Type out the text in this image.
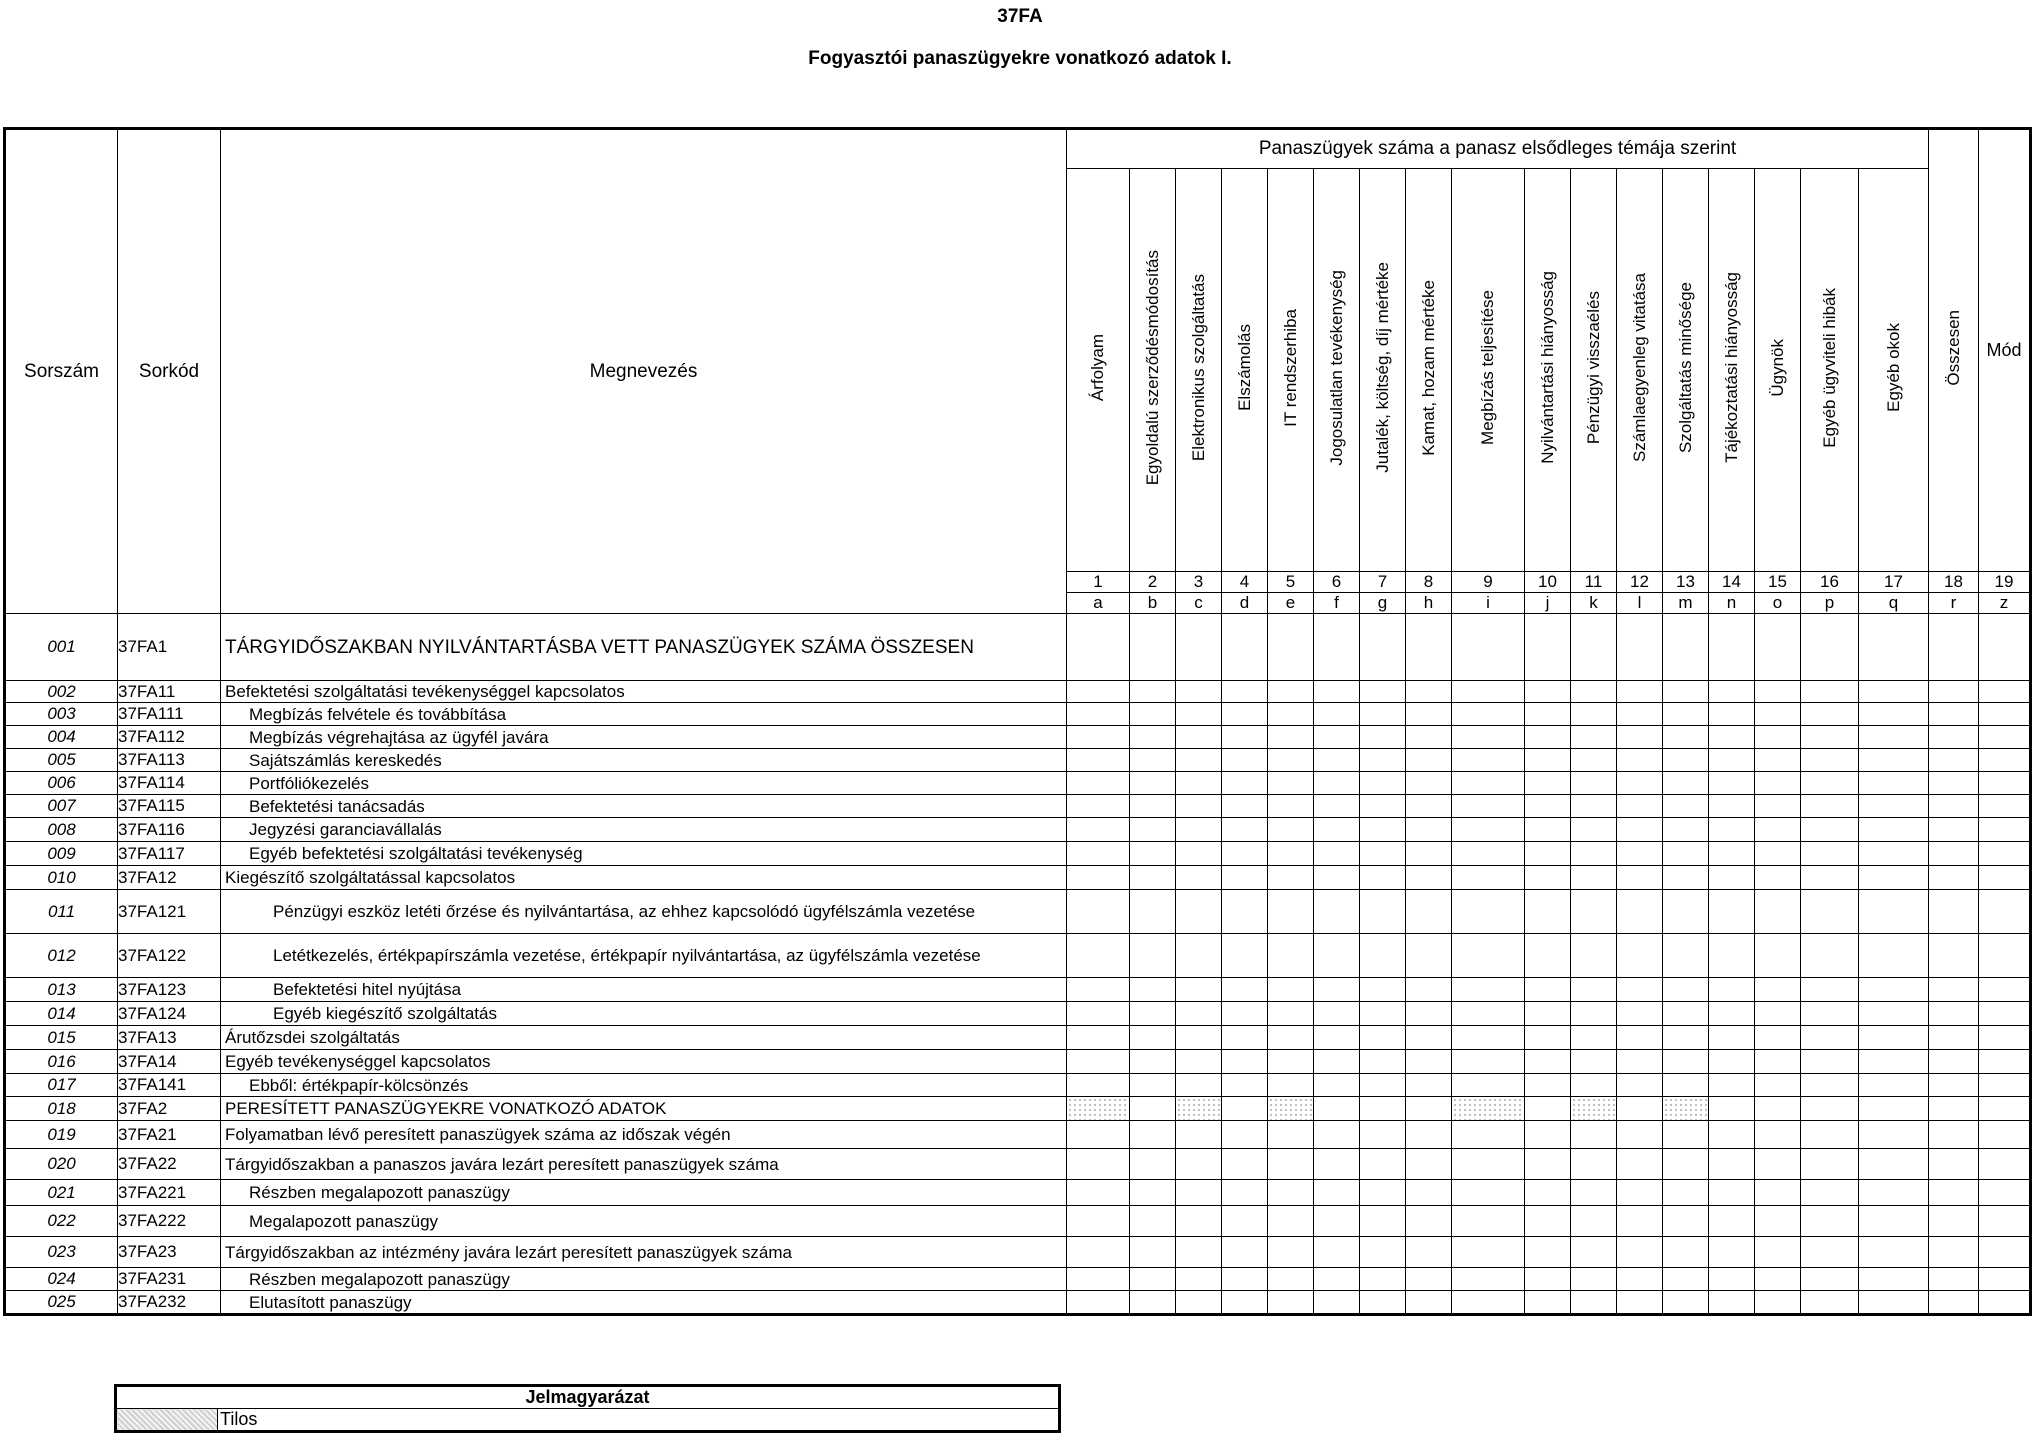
37FA
Fogyasztói panaszügyekre vonatkozó adatok I.
Sorszám	Sorkód	Megnevezés	Panaszügyek száma a panasz elsődleges témája szerint																	Összesen	Mód
			Árfolyam	Egyoldalú szerződésmódosítás	Elektronikus szolgáltatás	Elszámolás	IT rendszerhiba	Jogosulatlan tevékenység	Jutalék, költség, díj mértéke	Kamat, hozam mértéke	Megbízás teljesítése	Nyilvántartási hiányosság	Pénzügyi visszaélés	Számlaegyenleg vitatása	Szolgáltatás minősége	Tájékoztatási hiányosság	Ügynök	Egyéb ügyviteli hibák	Egyéb okok		
			1	2	3	4	5	6	7	8	9	10	11	12	13	14	15	16	17	18	19
			a	b	c	d	e	f	g	h	i	j	k	l	m	n	o	p	q	r	z
001	37FA1	TÁRGYIDŐSZAKBAN NYILVÁNTARTÁSBA VETT PANASZÜGYEK SZÁMA ÖSSZESEN																			
002	37FA11	Befektetési szolgáltatási tevékenységgel kapcsolatos																			
003	37FA111	Megbízás felvétele és továbbítása																			
004	37FA112	Megbízás végrehajtása az ügyfél javára																			
005	37FA113	Sajátszámlás kereskedés																			
006	37FA114	Portfóliókezelés																			
007	37FA115	Befektetési tanácsadás																			
008	37FA116	Jegyzési garanciavállalás																			
009	37FA117	Egyéb befektetési szolgáltatási tevékenység																			
010	37FA12	Kiegészítő szolgáltatással kapcsolatos																			
011	37FA121	Pénzügyi eszköz letéti őrzése és nyilvántartása, az ehhez kapcsolódó ügyfélszámla vezetése																			
012	37FA122	Letétkezelés, értékpapírszámla vezetése, értékpapír nyilvántartása, az ügyfélszámla vezetése																			
013	37FA123	Befektetési hitel nyújtása																			
014	37FA124	Egyéb kiegészítő szolgáltatás																			
015	37FA13	Árutőzsdei szolgáltatás																			
016	37FA14	Egyéb tevékenységgel kapcsolatos																			
017	37FA141	Ebből: értékpapír-kölcsönzés																			
018	37FA2	PERESÍTETT PANASZÜGYEKRE VONATKOZÓ ADATOK																			
019	37FA21	Folyamatban lévő peresített panaszügyek száma az időszak végén																			
020	37FA22	Tárgyidőszakban a panaszos javára lezárt peresített panaszügyek száma																			
021	37FA221	Részben megalapozott panaszügy																			
022	37FA222	Megalapozott panaszügy																			
023	37FA23	Tárgyidőszakban az intézmény javára lezárt peresített panaszügyek száma																			
024	37FA231	Részben megalapozott panaszügy																			
025	37FA232	Elutasított panaszügy																			
Jelmagyarázat
	Tilos
